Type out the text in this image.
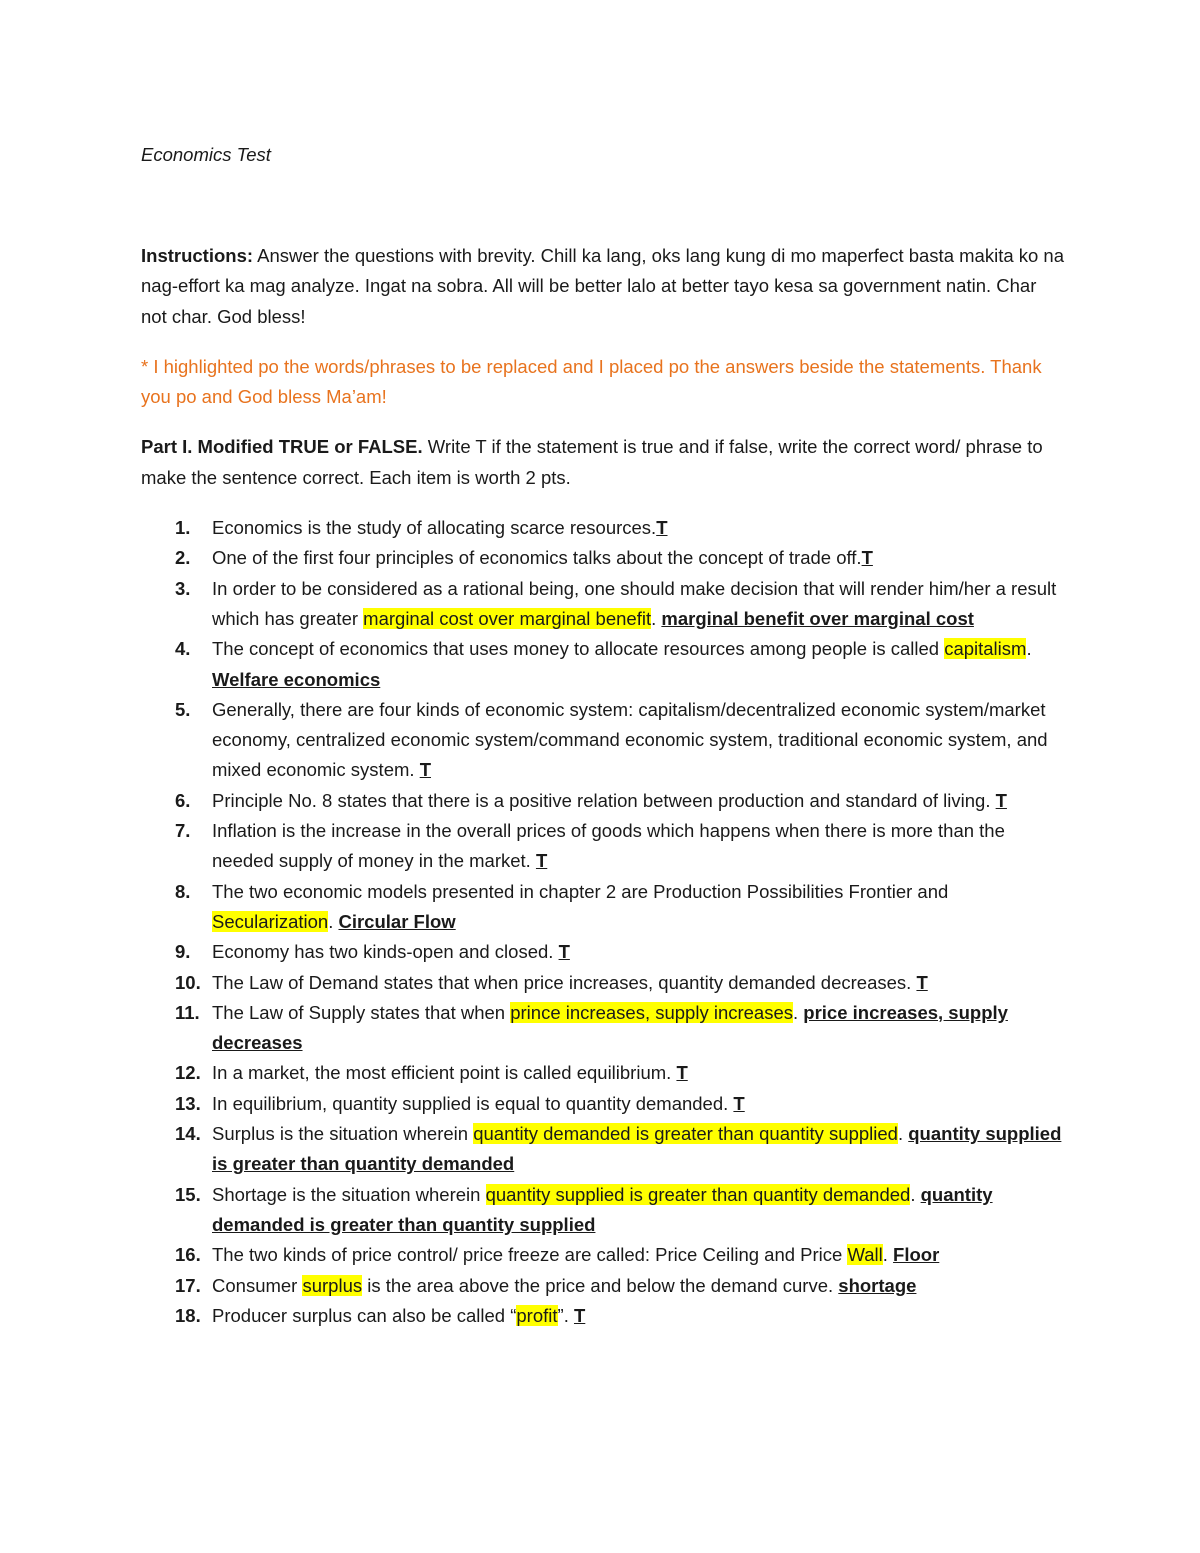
Economics Test

Instructions: Answer the questions with brevity. Chill ka lang, oks lang kung di mo maperfect basta makita ko na nag-effort ka mag analyze. Ingat na sobra. All will be better lalo at better tayo kesa sa government natin. Char not char. God bless!

* I highlighted po the words/phrases to be replaced and I placed po the answers beside the statements. Thank you po and God bless Ma’am!

Part I. Modified TRUE or FALSE. Write T if the statement is true and if false, write the correct word/ phrase to make the sentence correct. Each item is worth 2 pts.

1. Economics is the study of allocating scarce resources.T
2. One of the first four principles of economics talks about the concept of trade off.T
3. In order to be considered as a rational being, one should make decision that will render him/her a result which has greater marginal cost over marginal benefit. marginal benefit over marginal cost
4. The concept of economics that uses money to allocate resources among people is called capitalism. Welfare economics
5. Generally, there are four kinds of economic system: capitalism/decentralized economic system/market economy, centralized economic system/command economic system, traditional economic system, and mixed economic system. T
6. Principle No. 8 states that there is a positive relation between production and standard of living. T
7. Inflation is the increase in the overall prices of goods which happens when there is more than the needed supply of money in the market. T
8. The two economic models presented in chapter 2 are Production Possibilities Frontier and Secularization. Circular Flow
9. Economy has two kinds-open and closed. T
10. The Law of Demand states that when price increases, quantity demanded decreases. T
11. The Law of Supply states that when prince increases, supply increases. price increases, supply decreases
12. In a market, the most efficient point is called equilibrium. T
13. In equilibrium, quantity supplied is equal to quantity demanded. T
14. Surplus is the situation wherein quantity demanded is greater than quantity supplied. quantity supplied is greater than quantity demanded
15. Shortage is the situation wherein quantity supplied is greater than quantity demanded. quantity demanded is greater than quantity supplied
16. The two kinds of price control/ price freeze are called: Price Ceiling and Price Wall. Floor
17. Consumer surplus is the area above the price and below the demand curve. shortage
18. Producer surplus can also be called “profit”. T
